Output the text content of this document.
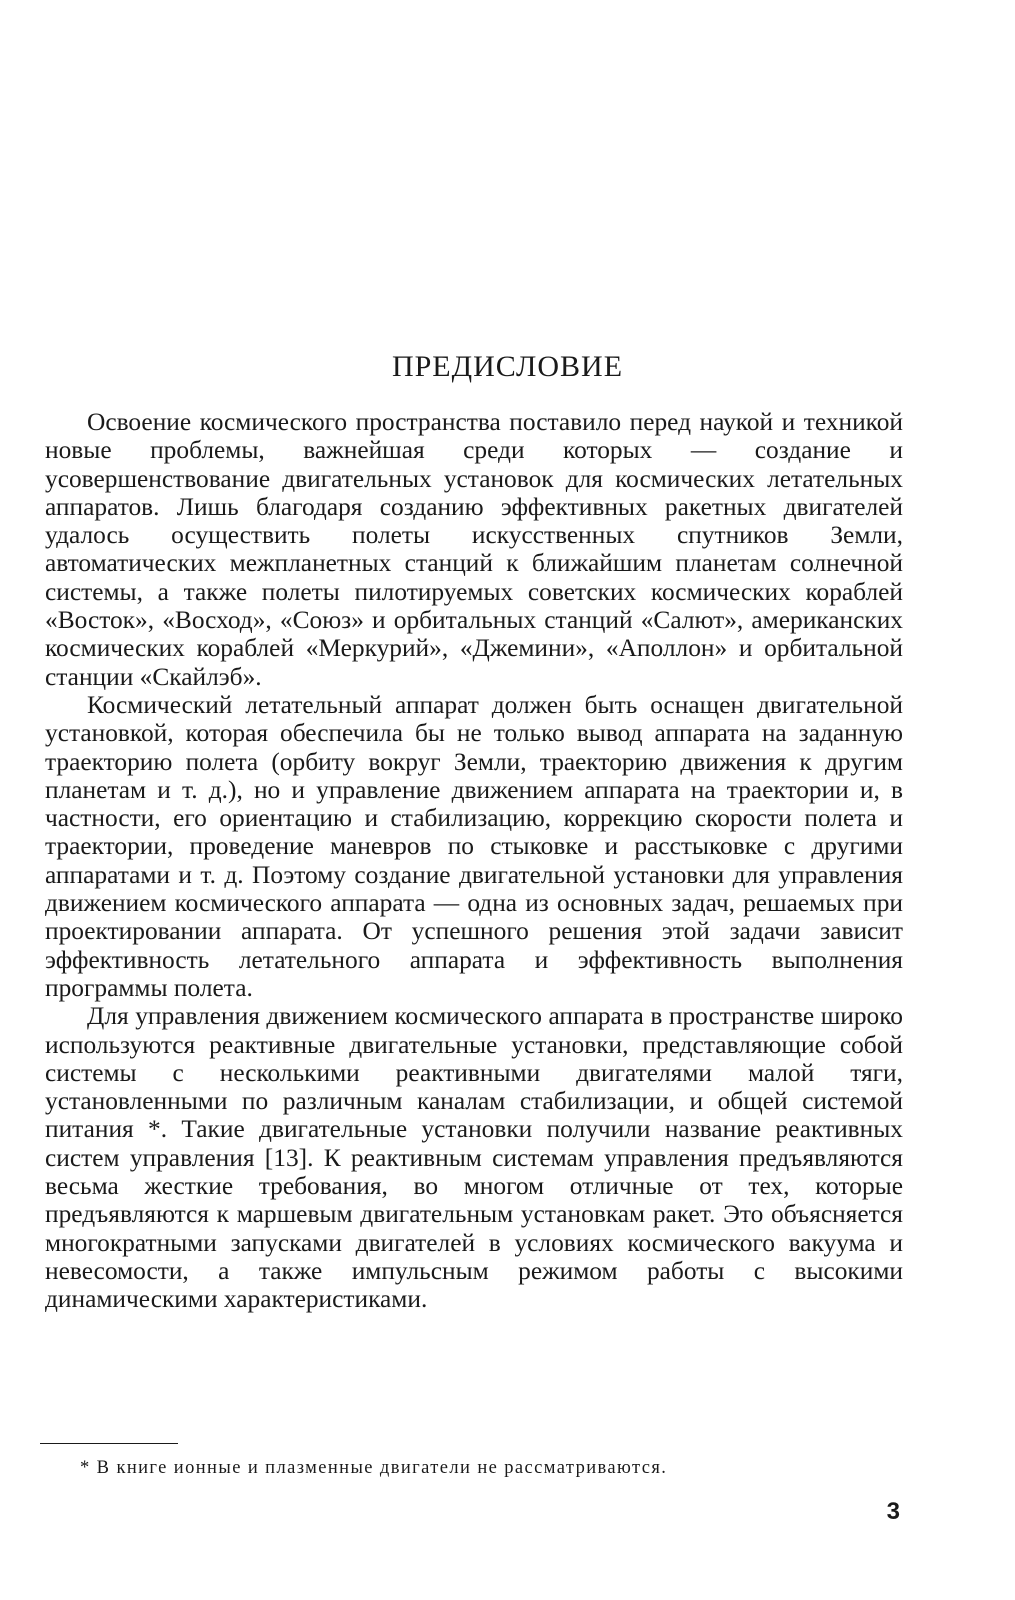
ПРЕДИСЛОВИЕ

Освоение космического пространства поставило перед наукой и техникой новые проблемы, важнейшая среди которых — создание и усовершенствование двигательных установок для космических летательных аппаратов. Лишь благодаря созданию эффективных ракетных двигателей удалось осуществить полеты искусственных спутников Земли, автоматических межпланетных станций к ближайшим планетам солнечной системы, а также полеты пилотируемых советских космических кораблей «Восток», «Восход», «Союз» и орбитальных станций «Салют», американских космических кораблей «Меркурий», «Джемини», «Аполлон» и орбитальной станции «Скайлэб».

Космический летательный аппарат должен быть оснащен двигательной установкой, которая обеспечила бы не только вывод аппарата на заданную траекторию полета (орбиту вокруг Земли, траекторию движения к другим планетам и т. д.), но и управление движением аппарата на траектории и, в частности, его ориентацию и стабилизацию, коррекцию скорости полета и траектории, проведение маневров по стыковке и расстыковке с другими аппаратами и т. д. Поэтому создание двигательной установки для управления движением космического аппарата — одна из основных задач, решаемых при проектировании аппарата. От успешного решения этой задачи зависит эффективность летательного аппарата и эффективность выполнения программы полета.

Для управления движением космического аппарата в пространстве широко используются реактивные двигательные установки, представляющие собой системы с несколькими реактивными двигателями малой тяги, установленными по различным каналам стабилизации, и общей системой питания *. Такие двигательные установки получили название реактивных систем управления [13]. К реактивным системам управления предъявляются весьма жесткие требования, во многом отличные от тех, которые предъявляются к маршевым двигательным установкам ракет. Это объясняется многократными запусками двигателей в условиях космического вакуума и невесомости, а также импульсным режимом работы с высокими динамическими характеристиками.

* В книге ионные и плазменные двигатели не рассматриваются.

3
